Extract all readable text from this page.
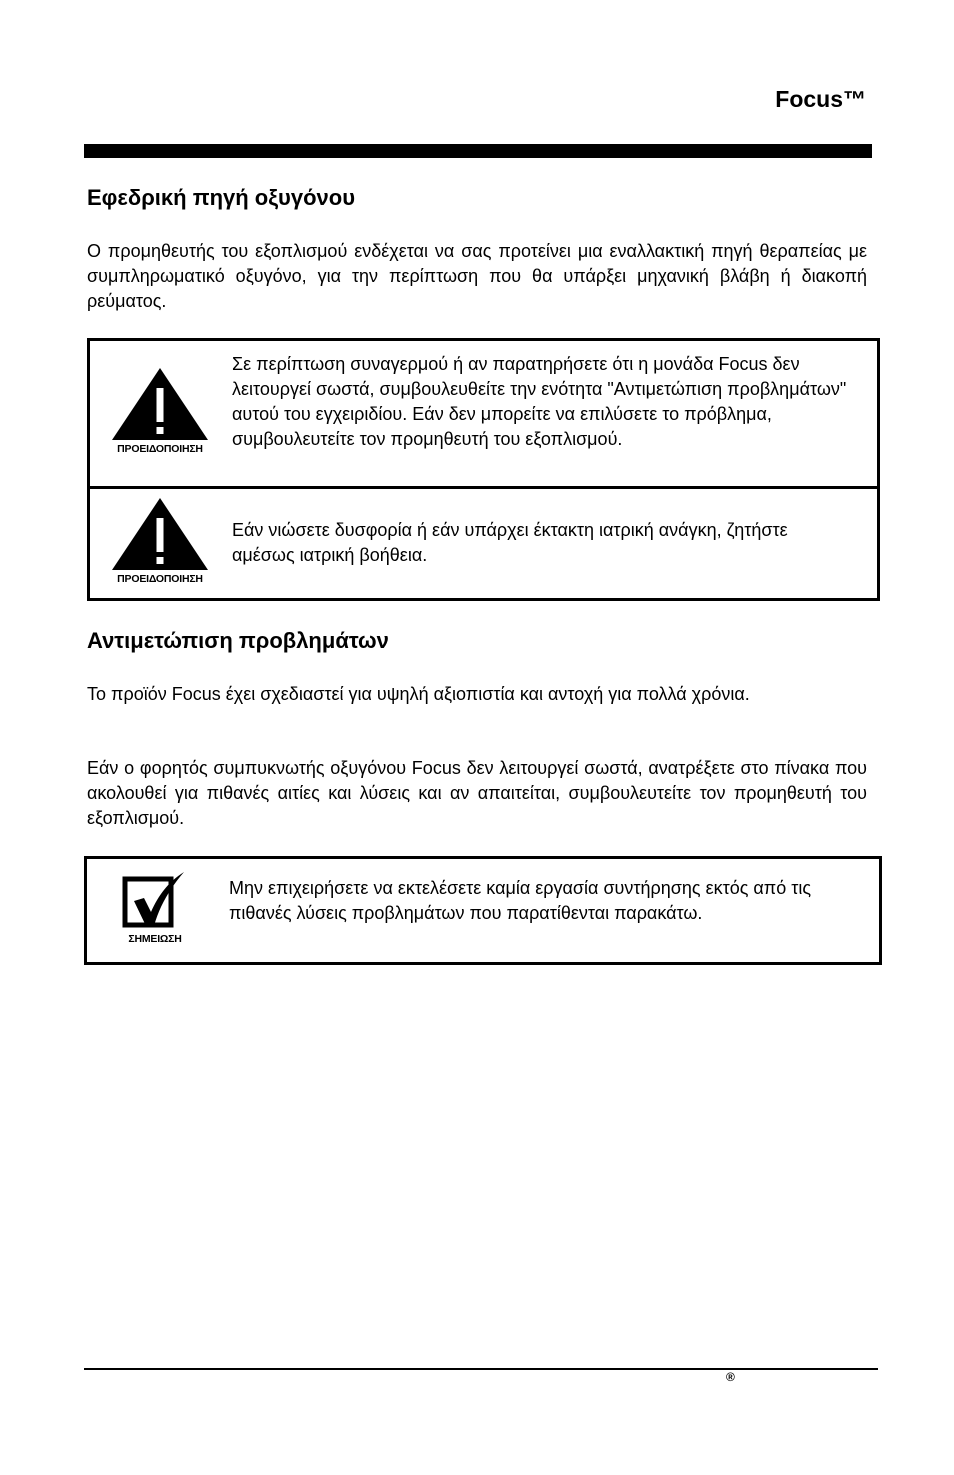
Focus™
Εφεδρική πηγή οξυγόνου

Ο προμηθευτής του εξοπλισμού ενδέχεται να σας προτείνει μια εναλλακτική πηγή θεραπείας με συμπληρωματικό οξυγόνο, για την περίπτωση που θα υπάρξει μηχανική βλάβη ή διακοπή ρεύματος.

ΠΡΟΕΙΔΟΠΟΙΗΣΗ

Σε περίπτωση συναγερμού ή αν παρατηρήσετε ότι η μονάδα Focus δεν λειτουργεί σωστά, συμβουλευθείτε την ενότητα "Αντιμετώπιση προβλημάτων" αυτού του εγχειριδίου. Εάν δεν μπορείτε να επιλύσετε το πρόβλημα, συμβουλευτείτε τον προμηθευτή του εξοπλισμού.

ΠΡΟΕΙΔΟΠΟΙΗΣΗ

Εάν νιώσετε δυσφορία ή εάν υπάρχει έκτακτη ιατρική ανάγκη, ζητήστε αμέσως ιατρική βοήθεια.

Αντιμετώπιση προβλημάτων

Το προϊόν Focus έχει σχεδιαστεί για υψηλή αξιοπιστία και αντοχή για πολλά χρόνια.

Εάν ο φορητός συμπυκνωτής οξυγόνου Focus δεν λειτουργεί σωστά, ανατρέξετε στο πίνακα που ακολουθεί για πιθανές αιτίες και λύσεις και αν απαιτείται, συμβουλευτείτε τον προμηθευτή του εξοπλισμού.

ΣΗΜΕΙΩΣΗ

Μην επιχειρήσετε να εκτελέσετε καμία εργασία συντήρησης εκτός από τις πιθανές λύσεις προβλημάτων που παρατίθενται παρακάτω.

®
